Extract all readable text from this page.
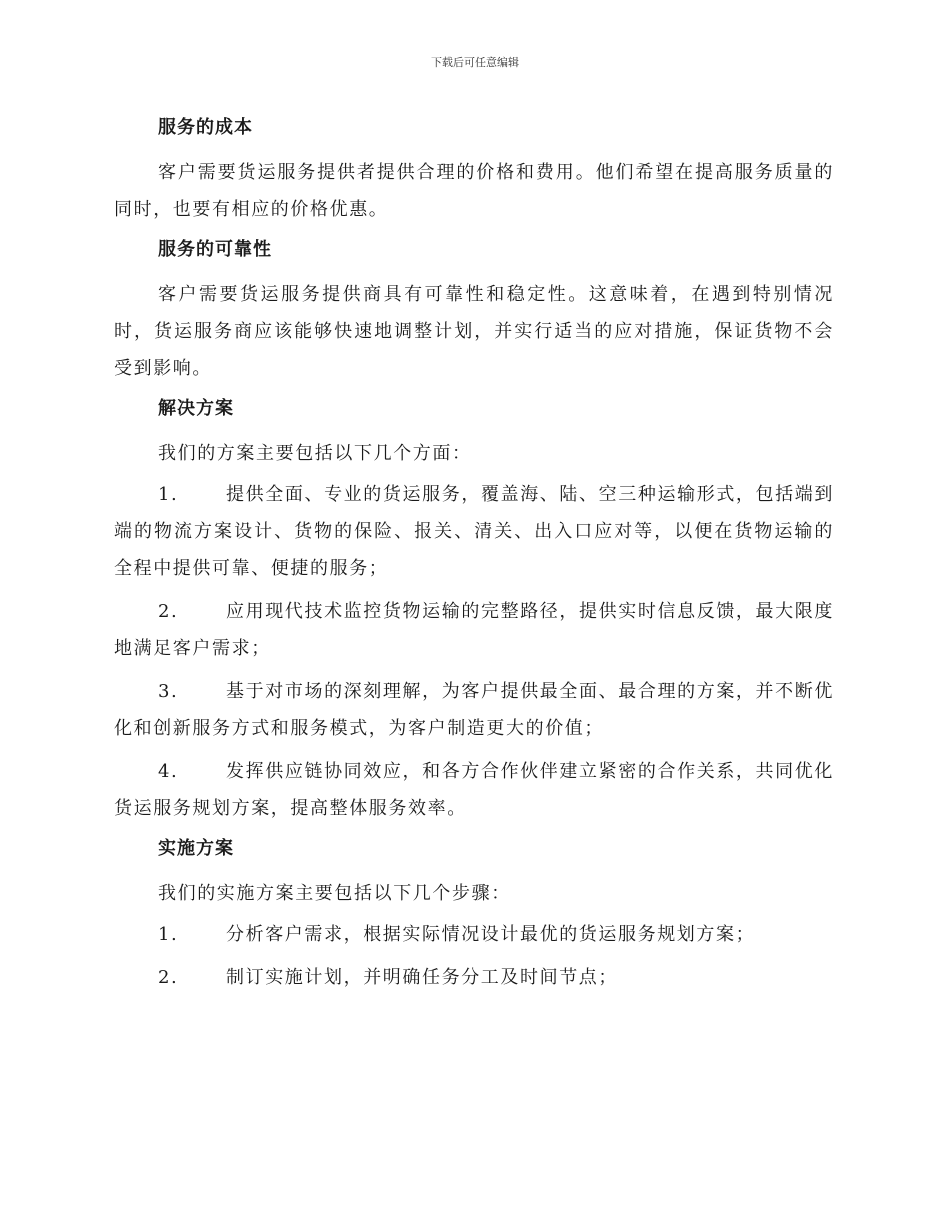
下载后可任意编辑
服务的成本

客户需要货运服务提供者提供合理的价格和费用。他们希望在提高服务质量的同时，也要有相应的价格优惠。

服务的可靠性

客户需要货运服务提供商具有可靠性和稳定性。这意味着，在遇到特别情况时，货运服务商应该能够快速地调整计划，并实行适当的应对措施，保证货物不会受到影响。

解决方案

我们的方案主要包括以下几个方面：

1.	提供全面、专业的货运服务，覆盖海、陆、空三种运输形式，包括端到端的物流方案设计、货物的保险、报关、清关、出入口应对等，以便在货物运输的全程中提供可靠、便捷的服务；
2.	应用现代技术监控货物运输的完整路径，提供实时信息反馈，最大限度地满足客户需求；
3.	基于对市场的深刻理解，为客户提供最全面、最合理的方案，并不断优化和创新服务方式和服务模式，为客户制造更大的价值；
4.	发挥供应链协同效应，和各方合作伙伴建立紧密的合作关系，共同优化货运服务规划方案，提高整体服务效率。
实施方案

我们的实施方案主要包括以下几个步骤：

1.	分析客户需求，根据实际情况设计最优的货运服务规划方案；
2.	制订实施计划，并明确任务分工及时间节点；
